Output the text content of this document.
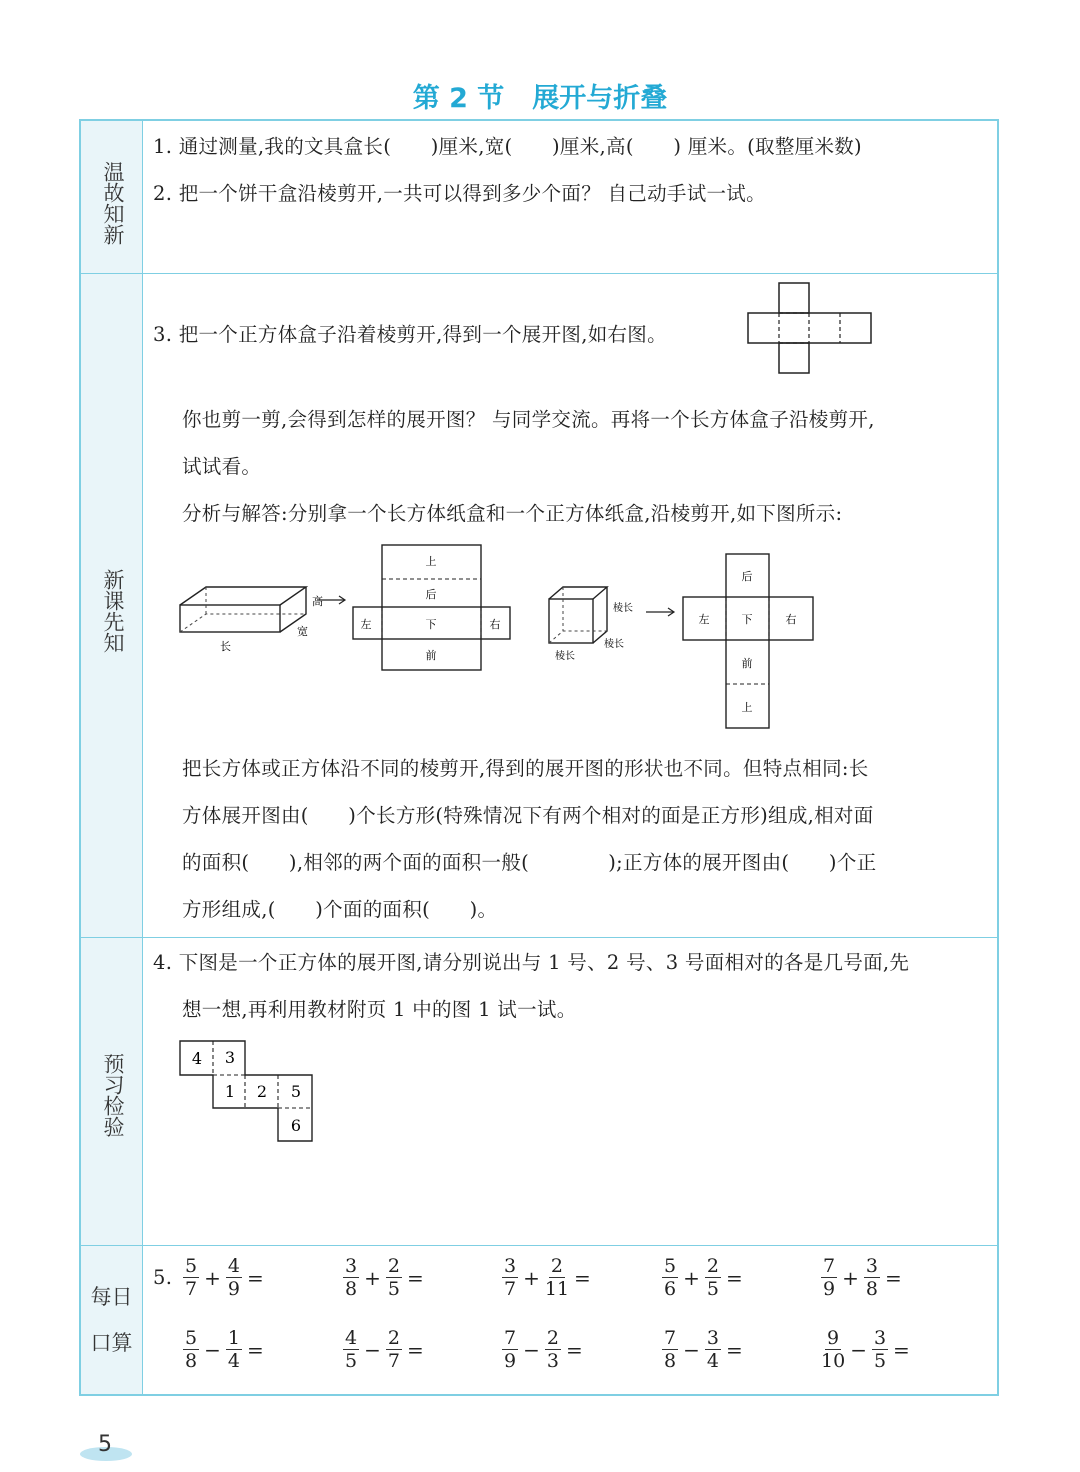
第 2 节 展开与折叠
温故知新
新课先知
预习检验
每日
口算
1. 通过测量,我的文具盒长(　　)厘米,宽(　　)厘米,高(　　) 厘米。(取整厘米数)
2. 把一个饼干盒沿棱剪开,一共可以得到多少个面？ 自己动手试一试。
3. 把一个正方体盒子沿着棱剪开,得到一个展开图,如右图。
你也剪一剪,会得到怎样的展开图？ 与同学交流。再将一个长方体盒子沿棱剪开,
试试看。
分析与解答:分别拿一个长方体纸盒和一个正方体纸盒,沿棱剪开,如下图所示:
高
宽
长
上
后
左	下	右
前
棱长
棱长
棱长
后
左	下	右
前
上
把长方体或正方体沿不同的棱剪开,得到的展开图的形状也不同。但特点相同:长
方体展开图由(　　)个长方形(特殊情况下有两个相对的面是正方形)组成,相对面
的面积(　　),相邻的两个面的面积一般(　　　　);正方体的展开图由(　　)个正
方形组成,(　　)个面的面积(　　)。
4. 下图是一个正方体的展开图,请分别说出与 1 号、2 号、3 号面相对的各是几号面,先
想一想,再利用教材附页 1 中的图 1 试一试。
4 3
1 2 5
6
5. $\frac{5}{7} + \frac{4}{9}$ =	$\frac{3}{8} + \frac{2}{5}$ =	$\frac{3}{7} + \frac{2}{11}$ =	$\frac{5}{6} + \frac{2}{5}$ =	$\frac{7}{9} + \frac{3}{8}$ =
$\frac{5}{8} - \frac{1}{4}$ =	$\frac{4}{5} - \frac{2}{7}$ =	$\frac{7}{9} - \frac{2}{3}$ =	$\frac{7}{8} - \frac{3}{4}$ =	$\frac{9}{10} - \frac{3}{5}$ =
5
